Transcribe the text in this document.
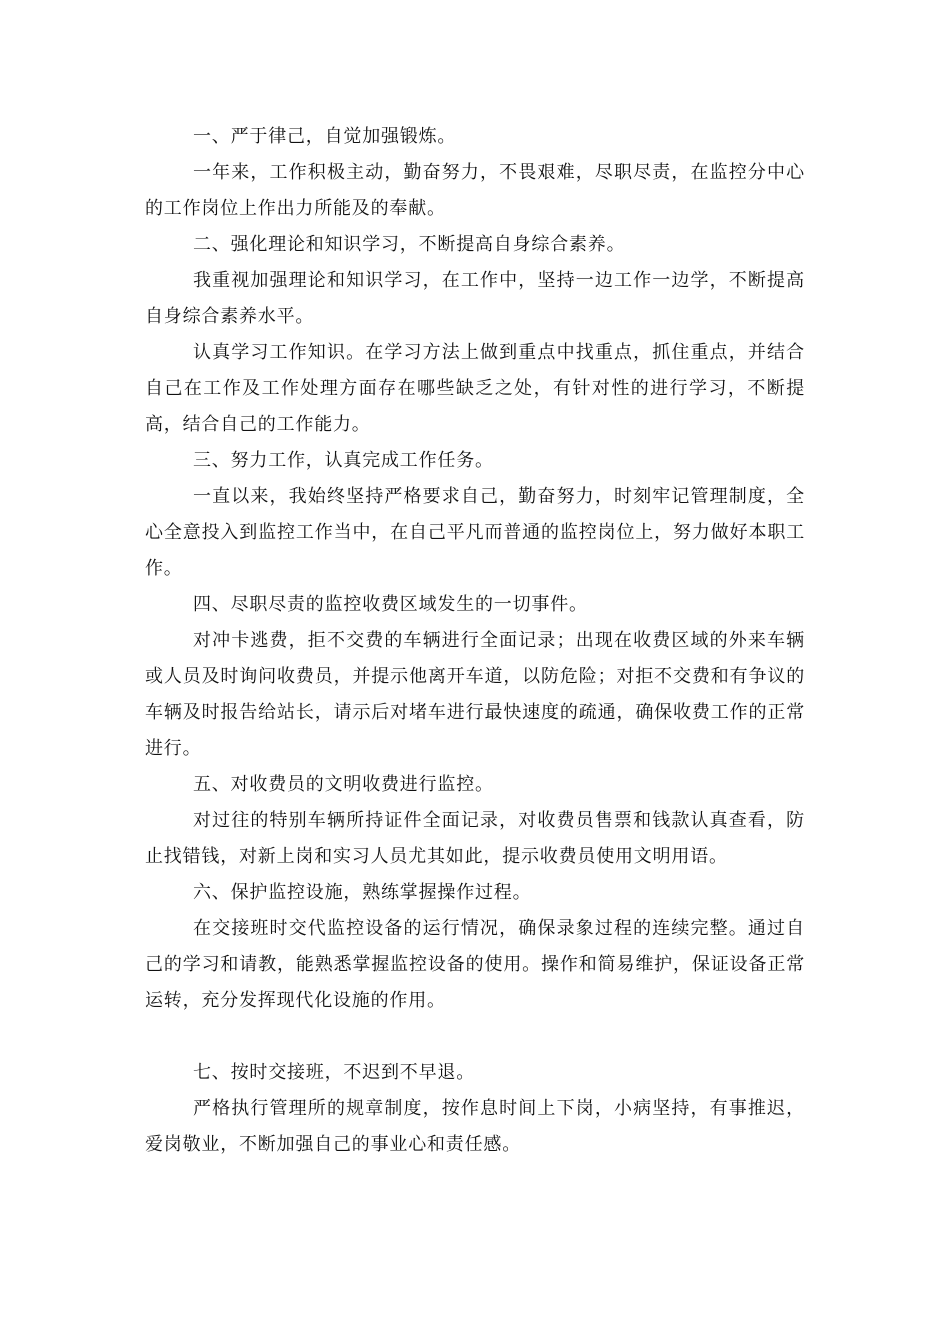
一、严于律己，自觉加强锻炼。

一年来，工作积极主动，勤奋努力，不畏艰难，尽职尽责，在监控分中心的工作岗位上作出力所能及的奉献。

二、强化理论和知识学习，不断提高自身综合素养。

我重视加强理论和知识学习，在工作中，坚持一边工作一边学，不断提高自身综合素养水平。

认真学习工作知识。在学习方法上做到重点中找重点，抓住重点，并结合自己在工作及工作处理方面存在哪些缺乏之处，有针对性的进行学习，不断提高，结合自己的工作能力。

三、努力工作，认真完成工作任务。

一直以来，我始终坚持严格要求自己，勤奋努力，时刻牢记管理制度，全心全意投入到监控工作当中，在自己平凡而普通的监控岗位上，努力做好本职工作。

四、尽职尽责的监控收费区域发生的一切事件。

对冲卡逃费，拒不交费的车辆进行全面记录；出现在收费区域的外来车辆或人员及时询问收费员，并提示他离开车道，以防危险；对拒不交费和有争议的车辆及时报告给站长，请示后对堵车进行最快速度的疏通，确保收费工作的正常进行。

五、对收费员的文明收费进行监控。

对过往的特别车辆所持证件全面记录，对收费员售票和钱款认真查看，防止找错钱，对新上岗和实习人员尤其如此，提示收费员使用文明用语。

六、保护监控设施，熟练掌握操作过程。

在交接班时交代监控设备的运行情况，确保录象过程的连续完整。通过自己的学习和请教，能熟悉掌握监控设备的使用。操作和简易维护，保证设备正常运转，充分发挥现代化设施的作用。

七、按时交接班，不迟到不早退。

严格执行管理所的规章制度，按作息时间上下岗，小病坚持，有事推迟，爱岗敬业，不断加强自己的事业心和责任感。
